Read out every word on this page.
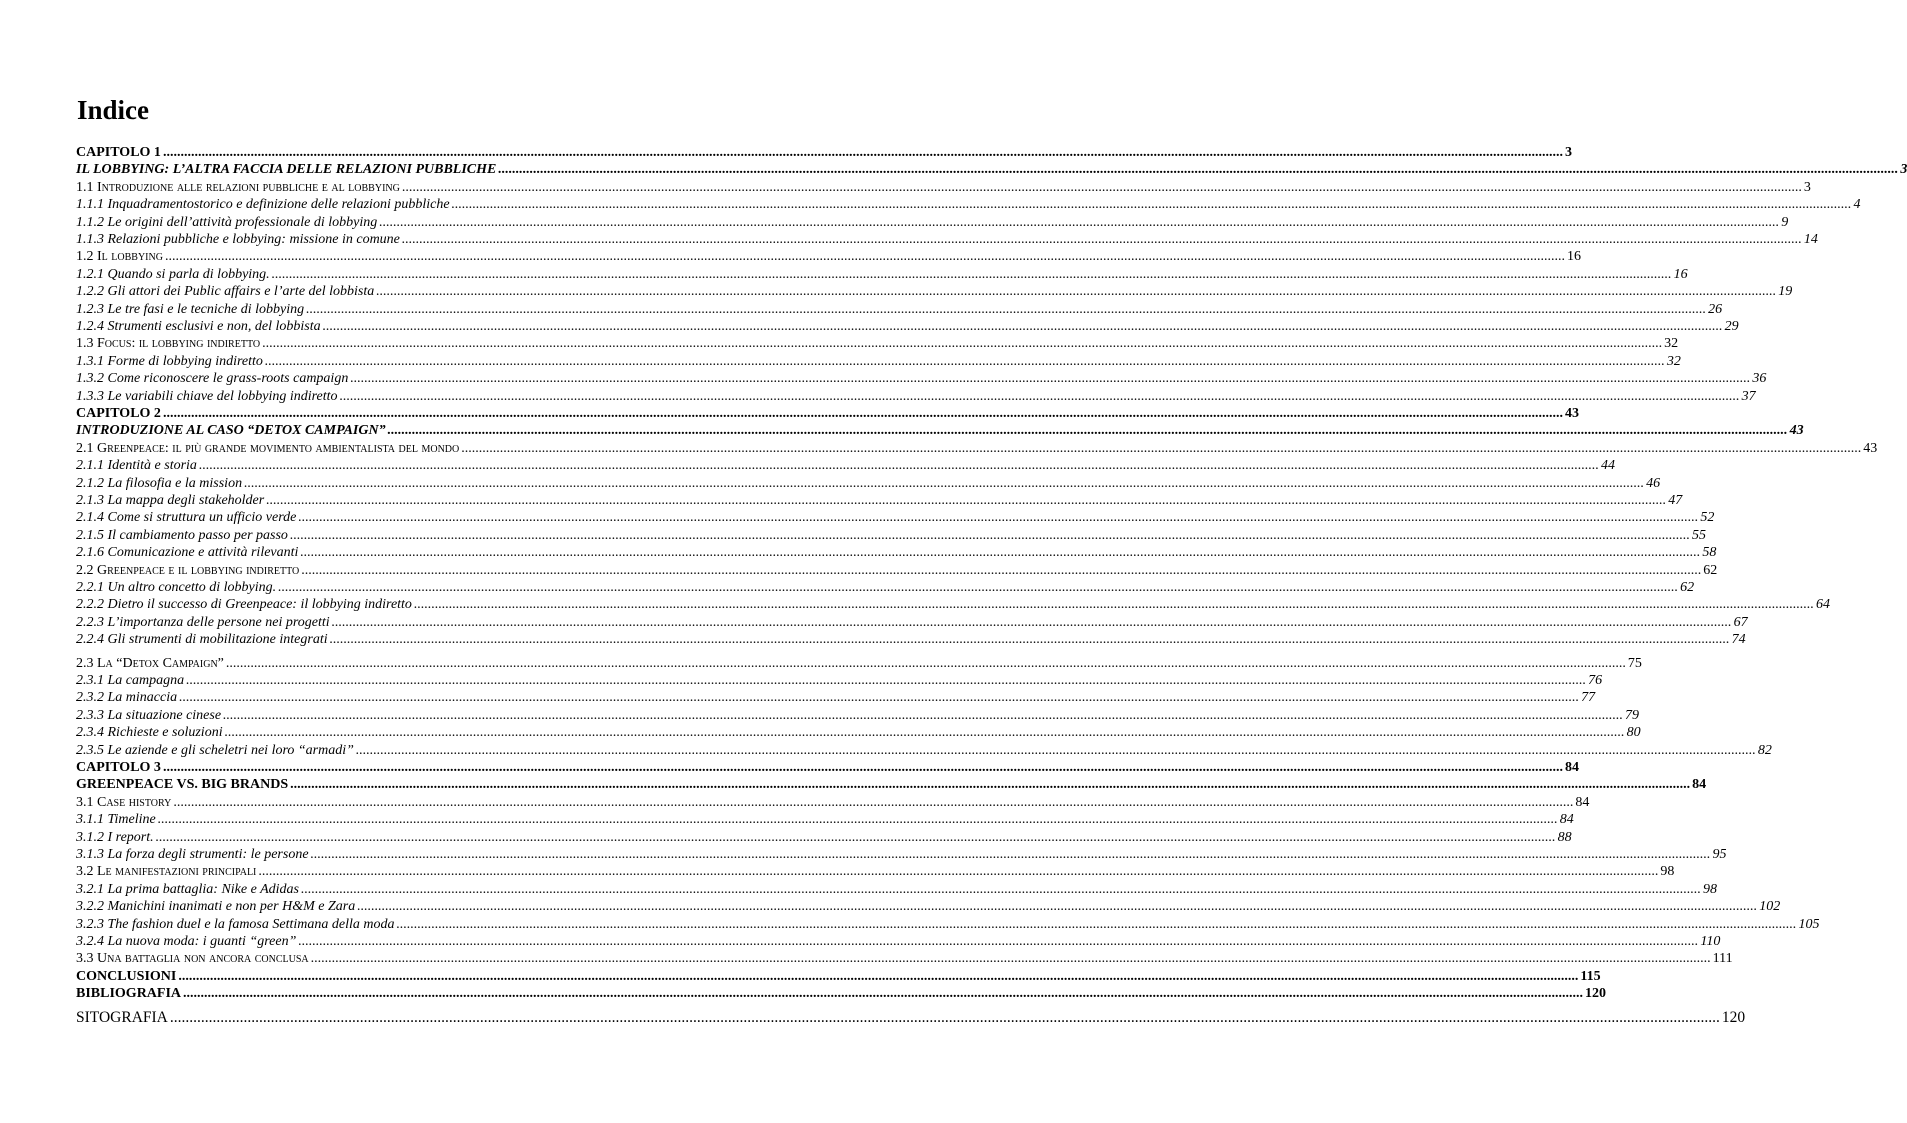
Indice
CAPITOLO 1 ................................................................................................................................................................................................................................................................................................................................................................................................................ 3
IL LOBBYING: L’ALTRA FACCIA DELLE RELAZIONI PUBBLICHE ................................................................................................................................................................................................................................................................................................................................................................................................................ 3
1.1 Introduzione alle relazioni pubbliche e al lobbying ................................................................................................................................................................................................................................................................................................................................................................................................................ 3
1.1.1 Inquadramentostorico e definizione delle relazioni pubbliche ................................................................................................................................................................................................................................................................................................................................................................................................................ 4
1.1.2 Le origini dell’attività professionale di lobbying ................................................................................................................................................................................................................................................................................................................................................................................................................ 9
1.1.3 Relazioni pubbliche e lobbying: missione in comune ................................................................................................................................................................................................................................................................................................................................................................................................................ 14
1.2 Il lobbying ................................................................................................................................................................................................................................................................................................................................................................................................................ 16
1.2.1 Quando si parla di lobbying. ................................................................................................................................................................................................................................................................................................................................................................................................................ 16
1.2.2 Gli attori dei Public affairs e l’arte del lobbista ................................................................................................................................................................................................................................................................................................................................................................................................................ 19
1.2.3 Le tre fasi e le tecniche di lobbying ................................................................................................................................................................................................................................................................................................................................................................................................................ 26
1.2.4 Strumenti esclusivi e non, del lobbista ................................................................................................................................................................................................................................................................................................................................................................................................................ 29
1.3 Focus: il lobbying indiretto ................................................................................................................................................................................................................................................................................................................................................................................................................ 32
1.3.1 Forme di lobbying indiretto ................................................................................................................................................................................................................................................................................................................................................................................................................ 32
1.3.2 Come riconoscere le grass-roots campaign ................................................................................................................................................................................................................................................................................................................................................................................................................ 36
1.3.3 Le variabili chiave del lobbying indiretto ................................................................................................................................................................................................................................................................................................................................................................................................................ 37
CAPITOLO 2 ................................................................................................................................................................................................................................................................................................................................................................................................................ 43
INTRODUZIONE AL CASO “DETOX CAMPAIGN” ................................................................................................................................................................................................................................................................................................................................................................................................................ 43
2.1 Greenpeace: il più grande movimento ambientalista del mondo ................................................................................................................................................................................................................................................................................................................................................................................................................ 43
2.1.1 Identità e storia ................................................................................................................................................................................................................................................................................................................................................................................................................ 44
2.1.2 La filosofia e la mission ................................................................................................................................................................................................................................................................................................................................................................................................................ 46
2.1.3 La mappa degli stakeholder ................................................................................................................................................................................................................................................................................................................................................................................................................ 47
2.1.4 Come si struttura un ufficio verde ................................................................................................................................................................................................................................................................................................................................................................................................................ 52
2.1.5 Il cambiamento passo per passo ................................................................................................................................................................................................................................................................................................................................................................................................................ 55
2.1.6 Comunicazione e attività rilevanti ................................................................................................................................................................................................................................................................................................................................................................................................................ 58
2.2 Greenpeace e il lobbying indiretto ................................................................................................................................................................................................................................................................................................................................................................................................................ 62
2.2.1 Un altro concetto di lobbying. ................................................................................................................................................................................................................................................................................................................................................................................................................ 62
2.2.2 Dietro il successo di Greenpeace: il lobbying indiretto ................................................................................................................................................................................................................................................................................................................................................................................................................ 64
2.2.3 L’importanza delle persone nei progetti ................................................................................................................................................................................................................................................................................................................................................................................................................ 67
2.2.4 Gli strumenti di mobilitazione integrati ................................................................................................................................................................................................................................................................................................................................................................................................................ 74
2.3 La “Detox Campaign” ................................................................................................................................................................................................................................................................................................................................................................................................................ 75
2.3.1 La campagna ................................................................................................................................................................................................................................................................................................................................................................................................................ 76
2.3.2 La minaccia ................................................................................................................................................................................................................................................................................................................................................................................................................ 77
2.3.3 La situazione cinese ................................................................................................................................................................................................................................................................................................................................................................................................................ 79
2.3.4 Richieste e soluzioni ................................................................................................................................................................................................................................................................................................................................................................................................................ 80
2.3.5 Le aziende e gli scheletri nei loro “armadi” ................................................................................................................................................................................................................................................................................................................................................................................................................ 82
CAPITOLO 3 ................................................................................................................................................................................................................................................................................................................................................................................................................ 84
GREENPEACE VS. BIG BRANDS ................................................................................................................................................................................................................................................................................................................................................................................................................ 84
3.1 Case history ................................................................................................................................................................................................................................................................................................................................................................................................................ 84
3.1.1 Timeline ................................................................................................................................................................................................................................................................................................................................................................................................................ 84
3.1.2 I report. ................................................................................................................................................................................................................................................................................................................................................................................................................ 88
3.1.3 La forza degli strumenti: le persone ................................................................................................................................................................................................................................................................................................................................................................................................................ 95
3.2 Le manifestazioni principali ................................................................................................................................................................................................................................................................................................................................................................................................................ 98
3.2.1 La prima battaglia: Nike e Adidas ................................................................................................................................................................................................................................................................................................................................................................................................................ 98
3.2.2 Manichini inanimati e non per H&M e Zara ................................................................................................................................................................................................................................................................................................................................................................................................................ 102
3.2.3 The fashion duel e la famosa Settimana della moda ................................................................................................................................................................................................................................................................................................................................................................................................................ 105
3.2.4 La nuova moda: i guanti “green” ................................................................................................................................................................................................................................................................................................................................................................................................................ 110
3.3 Una battaglia non ancora conclusa ................................................................................................................................................................................................................................................................................................................................................................................................................ 111
CONCLUSIONI ................................................................................................................................................................................................................................................................................................................................................................................................................ 115
BIBLIOGRAFIA ................................................................................................................................................................................................................................................................................................................................................................................................................ 120
SITOGRAFIA ................................................................................................................................................................................................................................................................................................................................................................................................................ 120
